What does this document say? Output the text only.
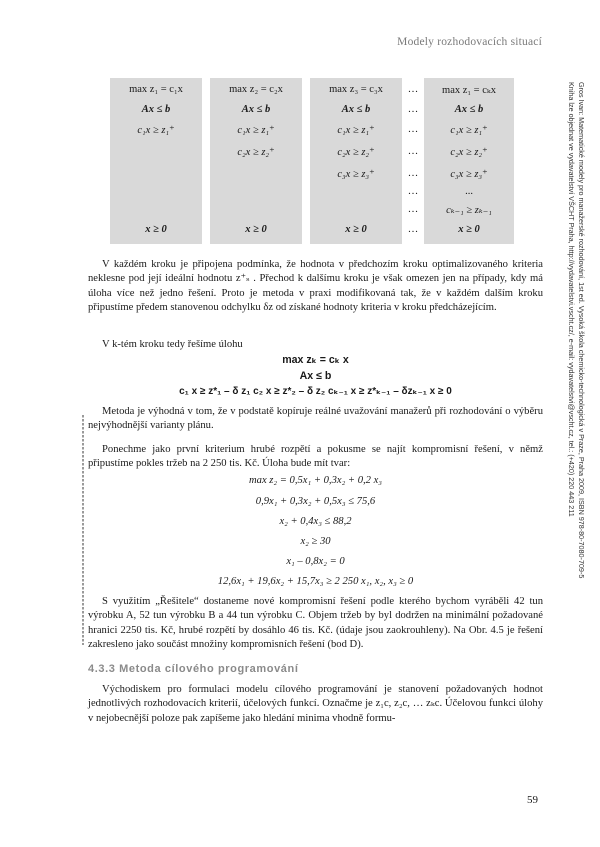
Modely rozhodovacích situací
Gros Ivan: Matematické modely pro manažerské rozhodování, 1st ed. Vysoká škola chemicko-technologická v Praze, Praha 2009, ISBN 978-80-7080-709-5
Kniha lze objednat ve vydavatelství VŠCHT Praha, http://vydavatelstvi.vscht.cz/, e-mail: vydavatelstvi@vscht.cz, tel.: (+420) 220 443 211
max z₁ = c₁x
Ax ≤ b
c₁x ≥ z₁⁺
x ≥ 0
max z₂ = c₂x
Ax ≤ b
c₁x ≥ z₁⁺
c₂x ≥ z₂⁺
x ≥ 0
max z₃ = c₃x
Ax ≤ b
c₁x ≥ z₁⁺
c₂x ≥ z₂⁺
c₃x ≥ z₃⁺
x ≥ 0
…
…
…
…
…
…
…
…
max z₁ = cₖx
Ax ≤ b
c₁x ≥ z₁⁺
c₂x ≥ z₂⁺
c₃x ≥ z₃⁺
...
cₖ₋₁ ≥ zₖ₋₁
x ≥ 0

V každém kroku je připojena podmínka, že hodnota v předchozím kroku optimalizovaného kriteria neklesne pod její ideální hodnotu z⁺ₛ . Přechod k dalšímu kroku je však omezen jen na případy, kdy má úloha více než jedno řešení. Proto je metoda v praxi modifikovaná tak, že v každém dalším kroku připustíme předem stanovenou odchylku δz od získané hodnoty kriteria v kroku předcházejícím.

V k-tém kroku tedy řešíme úlohu

max zₖ = cₖ x
Ax ≤ b
c₁ x ≥ z*₁ – δ z₁ c₂ x ≥ z*₂ – δ z₂ cₖ₋₁ x ≥ z*ₖ₋₁ – δzₖ₋₁ x ≥ 0

Metoda je výhodná v tom, že v podstatě kopíruje reálné uvažování manažerů při rozhodování o výběru nejvýhodnější varianty plánu.

Ponechme jako první kriterium hrubé rozpětí a pokusme se najít kompromisní řešení, v němž připustíme pokles tržeb na 2 250 tis. Kč. Úloha bude mít tvar:

max z₂ = 0,5x₁ + 0,3x₂ + 0,2 x₃
0,9x₁ + 0,3x₂ + 0,5x₃ ≤ 75,6
x₂ + 0,4x₃ ≤ 88,2
x₂ ≥ 30
x₁ – 0,8x₂ = 0
12,6x₁ + 19,6x₂ + 15,7x₃ ≥ 2 250 x₁, x₂, x₃ ≥ 0

S využitím „Řešitele“ dostaneme nové kompromisní řešení podle kterého bychom vyráběli 42 tun výrobku A, 52 tun výrobku B a 44 tun výrobku C. Objem tržeb by byl dodržen na minimální požadované hranici 2250 tis. Kč, hrubé rozpětí by dosáhlo 46 tis. Kč. (údaje jsou zaokrouhleny). Na Obr. 4.5 je řešení zakresleno jako součást množiny kompromisních řešení (bod D).

4.3.3 Metoda cílového programování

Východiskem pro formulaci modelu cílového programování je stanovení požadovaných hodnot jednotlivých rozhodovacích kriterií, účelových funkcí. Označme je z₁c, z₂c, … zₖc. Účelovou funkci úlohy v nejobecnější poloze pak zapíšeme jako hledání minima vhodně formu-

59
